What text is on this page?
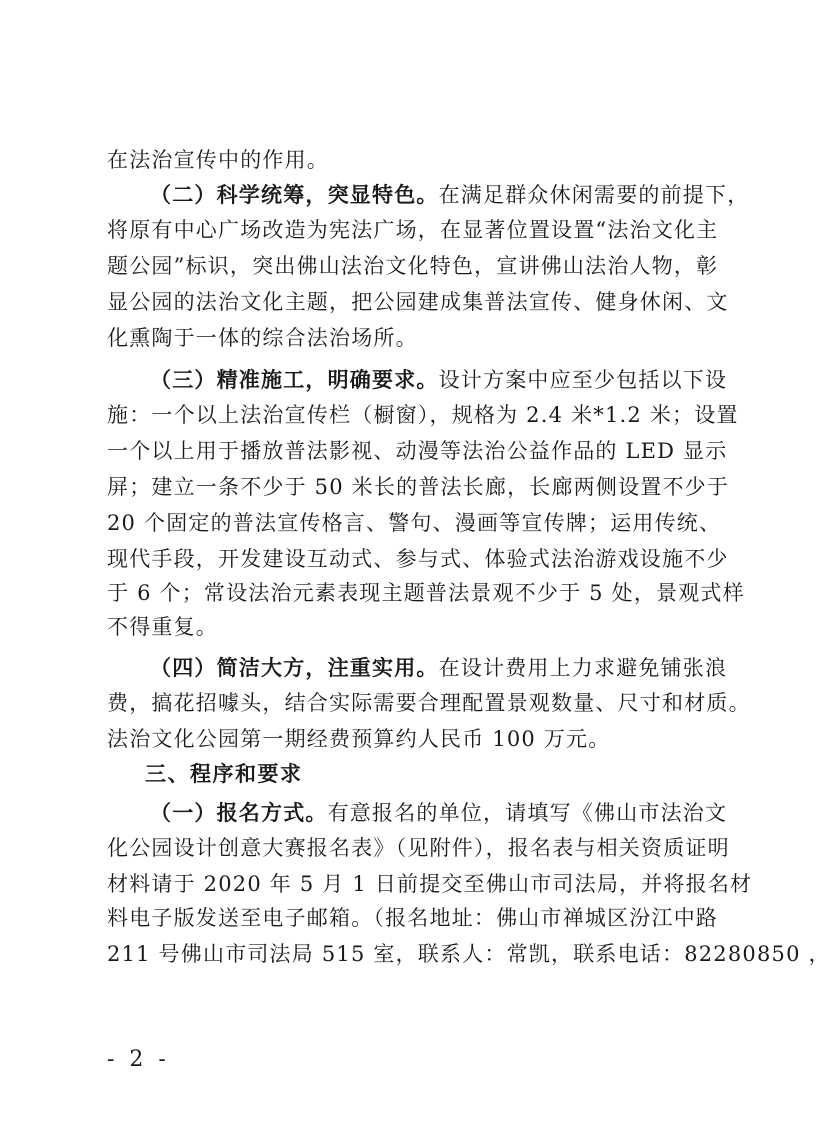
在法治宣传中的作用。
（二）科学统筹，突显特色。在满足群众休闲需要的前提下，
将原有中心广场改造为宪法广场，在显著位置设置“法治文化主
题公园”标识，突出佛山法治文化特色，宣讲佛山法治人物，彰
显公园的法治文化主题，把公园建成集普法宣传、健身休闲、文
化熏陶于一体的综合法治场所。
（三）精准施工，明确要求。设计方案中应至少包括以下设
施：一个以上法治宣传栏（橱窗），规格为 2.4 米*1.2 米；设置
一个以上用于播放普法影视、动漫等法治公益作品的 LED 显示
屏；建立一条不少于 50 米长的普法长廊，长廊两侧设置不少于
20 个固定的普法宣传格言、警句、漫画等宣传牌；运用传统、
现代手段，开发建设互动式、参与式、体验式法治游戏设施不少
于 6 个；常设法治元素表现主题普法景观不少于 5 处，景观式样
不得重复。
（四）简洁大方，注重实用。在设计费用上力求避免铺张浪
费，搞花招噱头，结合实际需要合理配置景观数量、尺寸和材质。
法治文化公园第一期经费预算约人民币 100 万元。
三、程序和要求
（一）报名方式。有意报名的单位，请填写《佛山市法治文
化公园设计创意大赛报名表》（见附件），报名表与相关资质证明
材料请于 2020 年 5 月 1 日前提交至佛山市司法局，并将报名材
料电子版发送至电子邮箱。（报名地址：佛山市禅城区汾江中路
211 号佛山市司法局 515 室，联系人：常凯，联系电话：82280850 ，
- 2 -
